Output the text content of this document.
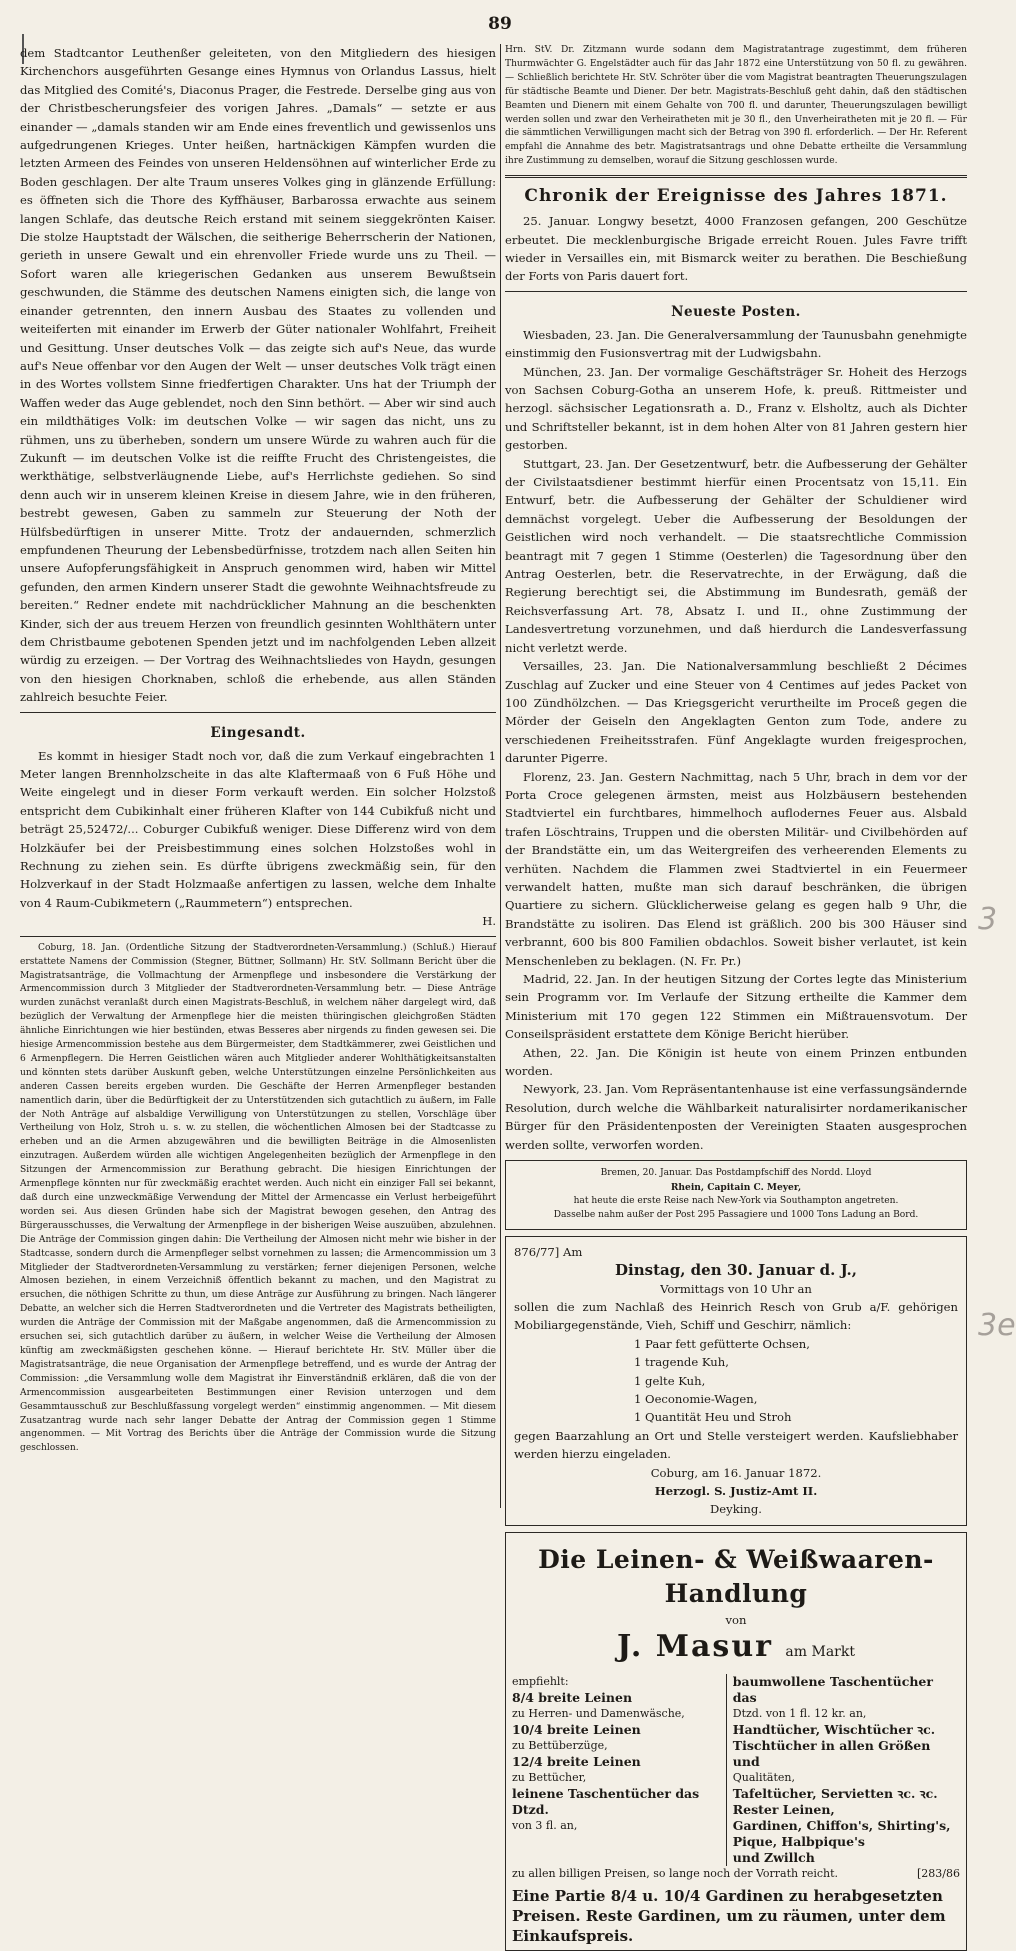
89

dem Stadtcantor Leuthenßer geleiteten, von den Mitgliedern des hiesigen Kirchenchors ausgeführten Gesange eines Hymnus von Orlandus Lassus, hielt das Mitglied des Comité's, Diaconus Prager, die Festrede. Derselbe ging aus von der Christbescherungsfeier des vorigen Jahres. „Damals“ — setzte er aus einander — „damals standen wir am Ende eines freventlich und gewissenlos uns aufgedrungenen Krieges. Unter heißen, hartnäckigen Kämpfen wurden die letzten Armeen des Feindes von unseren Heldensöhnen auf winterlicher Erde zu Boden geschlagen. Der alte Traum unseres Volkes ging in glänzende Erfüllung: es öffneten sich die Thore des Kyffhäuser, Barbarossa erwachte aus seinem langen Schlafe, das deutsche Reich erstand mit seinem sieggekrönten Kaiser. Die stolze Hauptstadt der Wälschen, die seitherige Beherrscherin der Nationen, gerieth in unsere Gewalt und ein ehrenvoller Friede wurde uns zu Theil. — Sofort waren alle kriegerischen Gedanken aus unserem Bewußtsein geschwunden, die Stämme des deutschen Namens einigten sich, die lange von einander getrennten, den innern Ausbau des Staates zu vollenden und weiteiferten mit einander im Erwerb der Güter nationaler Wohlfahrt, Freiheit und Gesittung. Unser deutsches Volk — das zeigte sich auf's Neue, das wurde auf's Neue offenbar vor den Augen der Welt — unser deutsches Volk trägt einen in des Wortes vollstem Sinne friedfertigen Charakter. Uns hat der Triumph der Waffen weder das Auge geblendet, noch den Sinn bethört. — Aber wir sind auch ein mildthätiges Volk: im deutschen Volke — wir sagen das nicht, uns zu rühmen, uns zu überheben, sondern um unsere Würde zu wahren auch für die Zukunft — im deutschen Volke ist die reiffte Frucht des Christengeistes, die werkthätige, selbstverläugnende Liebe, auf's Herrlichste gediehen. So sind denn auch wir in unserem kleinen Kreise in diesem Jahre, wie in den früheren, bestrebt gewesen, Gaben zu sammeln zur Steuerung der Noth der Hülfsbedürftigen in unserer Mitte. Trotz der andauernden, schmerzlich empfundenen Theurung der Lebensbedürfnisse, trotzdem nach allen Seiten hin unsere Aufopferungsfähigkeit in Anspruch genommen wird, haben wir Mittel gefunden, den armen Kindern unserer Stadt die gewohnte Weihnachtsfreude zu bereiten.“ Redner endete mit nachdrücklicher Mahnung an die beschenkten Kinder, sich der aus treuem Herzen von freundlich gesinnten Wohlthätern unter dem Christbaume gebotenen Spenden jetzt und im nachfolgenden Leben allzeit würdig zu erzeigen. — Der Vortrag des Weihnachtsliedes von Haydn, gesungen von den hiesigen Chorknaben, schloß die erhebende, aus allen Ständen zahlreich besuchte Feier.

Eingesandt.

Es kommt in hiesiger Stadt noch vor, daß die zum Verkauf eingebrachten 1 Meter langen Brennholzscheite in das alte Klaftermaaß von 6 Fuß Höhe und Weite eingelegt und in dieser Form verkauft werden. Ein solcher Holzstoß entspricht dem Cubikinhalt einer früheren Klafter von 144 Cubikfuß nicht und beträgt 25,52472/... Coburger Cubikfuß weniger. Diese Differenz wird von dem Holzkäufer bei der Preisbestimmung eines solchen Holzstoßes wohl in Rechnung zu ziehen sein. Es dürfte übrigens zweckmäßig sein, für den Holzverkauf in der Stadt Holzmaaße anfertigen zu lassen, welche dem Inhalte von 4 Raum-Cubikmetern („Raummetern“) entsprechen.

H.

Coburg, 18. Jan. (Ordentliche Sitzung der Stadtverordneten-Versammlung.) (Schluß.) Hierauf erstattete Namens der Commission (Stegner, Büttner, Sollmann) Hr. StV. Sollmann Bericht über die Magistratsanträge, die Vollmachtung der Armenpflege und insbesondere die Verstärkung der Armencommission durch 3 Mitglieder der Stadtverordneten-Versammlung betr. — Diese Anträge wurden zunächst veranlaßt durch einen Magistrats-Beschluß, in welchem näher dargelegt wird, daß bezüglich der Verwaltung der Armenpflege hier die meisten thüringischen gleichgroßen Städten ähnliche Einrichtungen wie hier bestünden, etwas Besseres aber nirgends zu finden gewesen sei. Die hiesige Armencommission bestehe aus dem Bürgermeister, dem Stadtkämmerer, zwei Geistlichen und 6 Armenpflegern. Die Herren Geistlichen wären auch Mitglieder anderer Wohlthätigkeitsanstalten und könnten stets darüber Auskunft geben, welche Unterstützungen einzelne Persönlichkeiten aus anderen Cassen bereits ergeben wurden. Die Geschäfte der Herren Armenpfleger bestanden namentlich darin, über die Bedürftigkeit der zu Unterstützenden sich gutachtlich zu äußern, im Falle der Noth Anträge auf alsbaldige Verwilligung von Unterstützungen zu stellen, Vorschläge über Vertheilung von Holz, Stroh u. s. w. zu stellen, die wöchentlichen Almosen bei der Stadtcasse zu erheben und an die Armen abzugewähren und die bewilligten Beiträge in die Almosenlisten einzutragen. Außerdem würden alle wichtigen Angelegenheiten bezüglich der Armenpflege in den Sitzungen der Armencommission zur Berathung gebracht. Die hiesigen Einrichtungen der Armenpflege könnten nur für zweckmäßig erachtet werden. Auch nicht ein einziger Fall sei bekannt, daß durch eine unzweckmäßige Verwendung der Mittel der Armencasse ein Verlust herbeigeführt worden sei. Aus diesen Gründen habe sich der Magistrat bewogen gesehen, den Antrag des Bürgerausschusses, die Verwaltung der Armenpflege in der bisherigen Weise auszuüben, abzulehnen. Die Anträge der Commission gingen dahin: Die Vertheilung der Almosen nicht mehr wie bisher in der Stadtcasse, sondern durch die Armenpfleger selbst vornehmen zu lassen; die Armencommission um 3 Mitglieder der Stadtverordneten-Versammlung zu verstärken; ferner diejenigen Personen, welche Almosen beziehen, in einem Verzeichniß öffentlich bekannt zu machen, und den Magistrat zu ersuchen, die nöthigen Schritte zu thun, um diese Anträge zur Ausführung zu bringen. Nach längerer Debatte, an welcher sich die Herren Stadtverordneten und die Vertreter des Magistrats betheiligten, wurden die Anträge der Commission mit der Maßgabe angenommen, daß die Armencommission zu ersuchen sei, sich gutachtlich darüber zu äußern, in welcher Weise die Vertheilung der Almosen künftig am zweckmäßigsten geschehen könne. — Hierauf berichtete Hr. StV. Müller über die Magistratsanträge, die neue Organisation der Armenpflege betreffend, und es wurde der Antrag der Commission: „die Versammlung wolle dem Magistrat ihr Einverständniß erklären, daß die von der Armencommission ausgearbeiteten Bestimmungen einer Revision unterzogen und dem Gesammtausschuß zur Beschlußfassung vorgelegt werden“ einstimmig angenommen. — Mit diesem Zusatzantrag wurde nach sehr langer Debatte der Antrag der Commission gegen 1 Stimme angenommen. — Mit Vortrag des Berichts über die Anträge der Commission wurde die Sitzung geschlossen.

Hrn. StV. Dr. Zitzmann wurde sodann dem Magistratantrage zugestimmt, dem früheren Thurmwächter G. Engelstädter auch für das Jahr 1872 eine Unterstützung von 50 fl. zu gewähren. — Schließlich berichtete Hr. StV. Schröter über die vom Magistrat beantragten Theuerungszulagen für städtische Beamte und Diener. Der betr. Magistrats-Beschluß geht dahin, daß den städtischen Beamten und Dienern mit einem Gehalte von 700 fl. und darunter, Theuerungszulagen bewilligt werden sollen und zwar den Verheiratheten mit je 30 fl., den Unverheiratheten mit je 20 fl. — Für die sämmtlichen Verwilligungen macht sich der Betrag von 390 fl. erforderlich. — Der Hr. Referent empfahl die Annahme des betr. Magistratsantrags und ohne Debatte ertheilte die Versammlung ihre Zustimmung zu demselben, worauf die Sitzung geschlossen wurde.

Chronik der Ereignisse des Jahres 1871.

25. Januar. Longwy besetzt, 4000 Franzosen gefangen, 200 Geschütze erbeutet. Die mecklenburgische Brigade erreicht Rouen. Jules Favre trifft wieder in Versailles ein, mit Bismarck weiter zu berathen. Die Beschießung der Forts von Paris dauert fort.

Neueste Posten.

Wiesbaden, 23. Jan. Die Generalversammlung der Taunusbahn genehmigte einstimmig den Fusionsvertrag mit der Ludwigsbahn.

München, 23. Jan. Der vormalige Geschäftsträger Sr. Hoheit des Herzogs von Sachsen Coburg-Gotha an unserem Hofe, k. preuß. Rittmeister und herzogl. sächsischer Legationsrath a. D., Franz v. Elsholtz, auch als Dichter und Schriftsteller bekannt, ist in dem hohen Alter von 81 Jahren gestern hier gestorben.

Stuttgart, 23. Jan. Der Gesetzentwurf, betr. die Aufbesserung der Gehälter der Civilstaatsdiener bestimmt hierfür einen Procentsatz von 15,11. Ein Entwurf, betr. die Aufbesserung der Gehälter der Schuldiener wird demnächst vorgelegt. Ueber die Aufbesserung der Besoldungen der Geistlichen wird noch verhandelt. — Die staatsrechtliche Commission beantragt mit 7 gegen 1 Stimme (Oesterlen) die Tagesordnung über den Antrag Oesterlen, betr. die Reservatrechte, in der Erwägung, daß die Regierung berechtigt sei, die Abstimmung im Bundesrath, gemäß der Reichsverfassung Art. 78, Absatz I. und II., ohne Zustimmung der Landesvertretung vorzunehmen, und daß hierdurch die Landesverfassung nicht verletzt werde.

Versailles, 23. Jan. Die Nationalversammlung beschließt 2 Décimes Zuschlag auf Zucker und eine Steuer von 4 Centimes auf jedes Packet von 100 Zündhölzchen. — Das Kriegsgericht verurtheilte im Proceß gegen die Mörder der Geiseln den Angeklagten Genton zum Tode, andere zu verschiedenen Freiheitsstrafen. Fünf Angeklagte wurden freigesprochen, darunter Pigerre.

Florenz, 23. Jan. Gestern Nachmittag, nach 5 Uhr, brach in dem vor der Porta Croce gelegenen ärmsten, meist aus Holzbäusern bestehenden Stadtviertel ein furchtbares, himmelhoch auflodernes Feuer aus. Alsbald trafen Löschtrains, Truppen und die obersten Militär- und Civilbehörden auf der Brandstätte ein, um das Weitergreifen des verheerenden Elements zu verhüten. Nachdem die Flammen zwei Stadtviertel in ein Feuermeer verwandelt hatten, mußte man sich darauf beschränken, die übrigen Quartiere zu sichern. Glücklicherweise gelang es gegen halb 9 Uhr, die Brandstätte zu isoliren. Das Elend ist gräßlich. 200 bis 300 Häuser sind verbrannt, 600 bis 800 Familien obdachlos. Soweit bisher verlautet, ist kein Menschenleben zu beklagen. (N. Fr. Pr.)

Madrid, 22. Jan. In der heutigen Sitzung der Cortes legte das Ministerium sein Programm vor. Im Verlaufe der Sitzung ertheilte die Kammer dem Ministerium mit 170 gegen 122 Stimmen ein Mißtrauensvotum. Der Conseilspräsident erstattete dem Könige Bericht hierüber.

Athen, 22. Jan. Die Königin ist heute von einem Prinzen entbunden worden.

Newyork, 23. Jan. Vom Repräsentantenhause ist eine verfassungsändernde Resolution, durch welche die Wählbarkeit naturalisirter nordamerikanischer Bürger für den Präsidentenposten der Vereinigten Staaten ausgesprochen werden sollte, verworfen worden.

Bremen, 20. Januar. Das Postdampfschiff des Nordd. Lloyd

Rhein, Capitain C. Meyer,

hat heute die erste Reise nach New-York via Southampton angetreten.

Dasselbe nahm außer der Post 295 Passagiere und 1000 Tons Ladung an Bord.

876/77] Am

Dinstag, den 30. Januar d. J.,

Vormittags von 10 Uhr an

sollen die zum Nachlaß des Heinrich Resch von Grub a/F. gehörigen Mobiliargegenstände, Vieh, Schiff und Geschirr, nämlich:

1 Paar fett gefütterte Ochsen,

1 tragende Kuh,

1 gelte Kuh,

1 Oeconomie-Wagen,

1 Quantität Heu und Stroh

gegen Baarzahlung an Ort und Stelle versteigert werden. Kaufsliebhaber werden hierzu eingeladen.

Coburg, am 16. Januar 1872.

Herzogl. S. Justiz-Amt II.

Deyking.

Die Leinen- & Weißwaaren-Handlung

von

J. Masur am Markt
empfiehlt:
8/4 breite Leinen
zu Herren- und Damenwäsche,
10/4 breite Leinen
zu Bettüberzüge,
12/4 breite Leinen
zu Bettücher,
leinene Taschentücher das Dtzd.
von 3 fl. an,
baumwollene Taschentücher das
Dtzd. von 1 fl. 12 kr. an,
Handtücher, Wischtücher ꝛc.
Tischtücher in allen Größen und
Qualitäten,
Tafeltücher, Servietten ꝛc. ꝛc.
Rester Leinen,
Gardinen, Chiffon's, Shirting's, Pique, Halbpique's
und Zwillch
zu allen billigen Preisen, so lange noch der Vorrath reicht.	[283/86
Eine Partie 8/4 u. 10/4 Gardinen zu herabgesetzten Preisen. Reste Gardinen, um zu räumen, unter dem Einkaufspreis.
3
3e
